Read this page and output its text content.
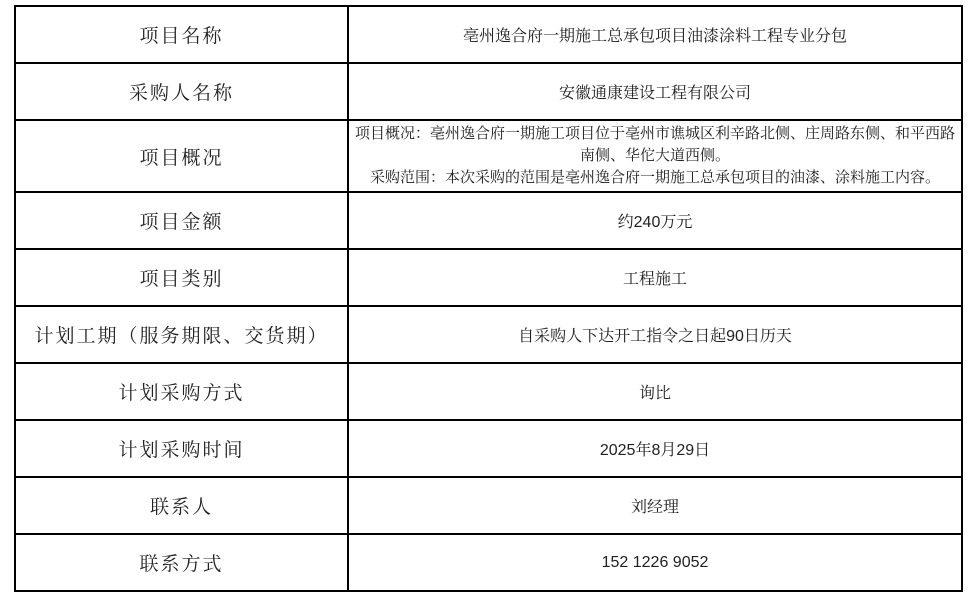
项目名称	亳州逸合府一期施工总承包项目油漆涂料工程专业分包
采购人名称	安徽通康建设工程有限公司
项目概况	项目概况：亳州逸合府一期施工项目位于亳州市谯城区利辛路北侧、庄周路东侧、和平西路南侧、华佗大道西侧。

采购范围：本次采购的范围是亳州逸合府一期施工总承包项目的油漆、涂料施工内容。

项目金额	约240万元
项目类别	工程施工
计划工期（服务期限、交货期）	自采购人下达开工指令之日起90日历天
计划采购方式	询比
计划采购时间	2025年8月29日
联系人	刘经理
联系方式	152 1226 9052
